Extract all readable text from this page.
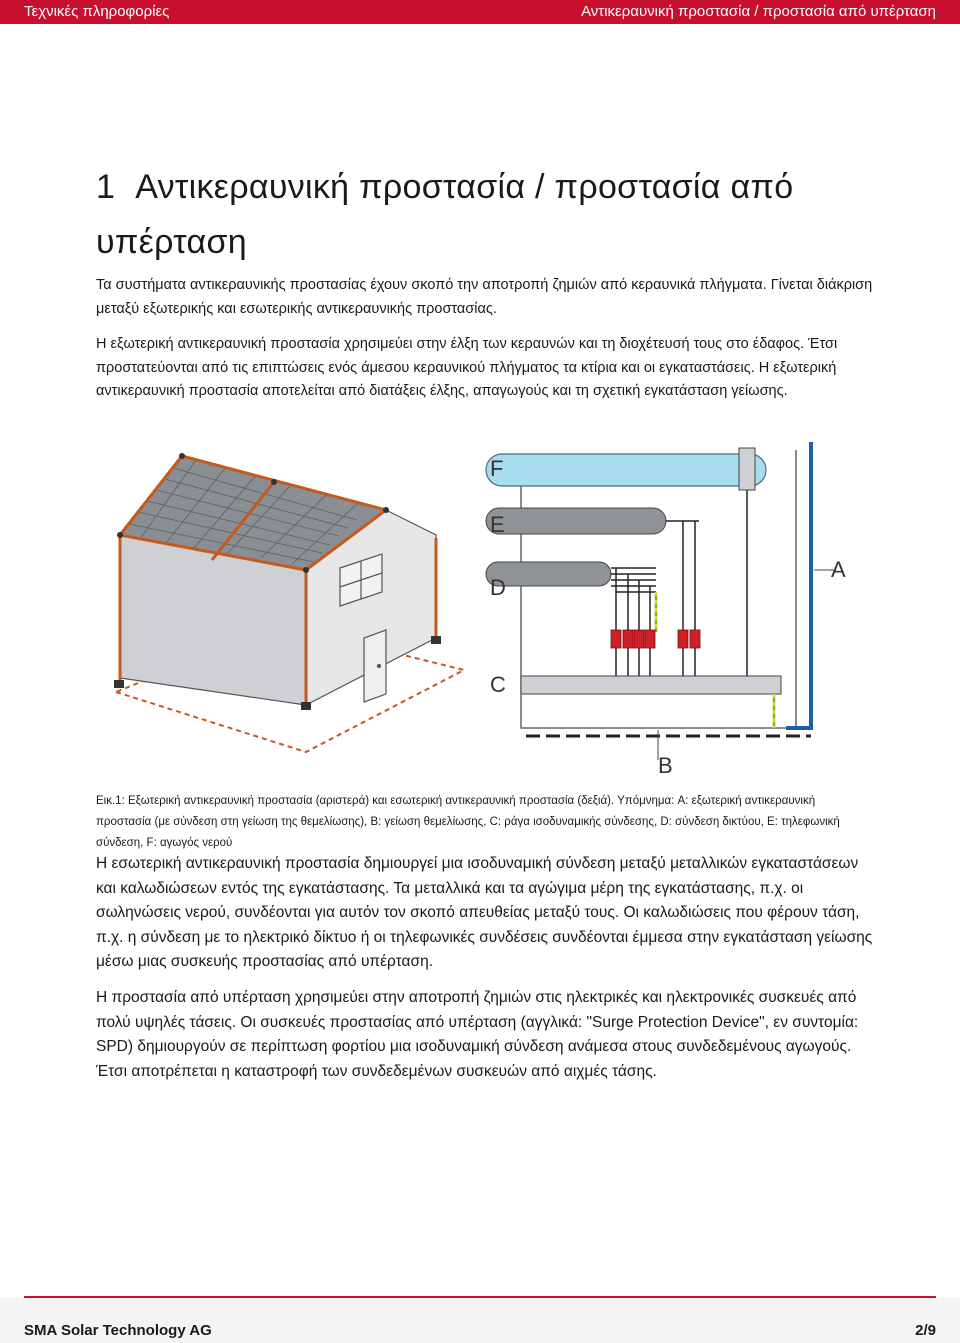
Τεχνικές πληροφορίες	Αντικεραυνική προστασία / προστασία από υπέρταση
1 Αντικεραυνική προστασία / προστασία από υπέρταση

Τα συστήματα αντικεραυνικής προστασίας έχουν σκοπό την αποτροπή ζημιών από κεραυνικά πλήγματα. Γίνεται διάκριση μεταξύ εξωτερικής και εσωτερικής αντικεραυνικής προστασίας.

Η εξωτερική αντικεραυνική προστασία χρησιμεύει στην έλξη των κεραυνών και τη διοχέτευσή τους στο έδαφος. Έτσι προστατεύονται από τις επιπτώσεις ενός άμεσου κεραυνικού πλήγματος τα κτίρια και οι εγκαταστάσεις. Η εξωτερική αντικεραυνική προστασία αποτελείται από διατάξεις έλξης, απαγωγούς και τη σχετική εγκατάσταση γείωσης.

F
E
D
C
A
B

Εικ.1: Εξωτερική αντικεραυνική προστασία (αριστερά) και εσωτερική αντικεραυνική προστασία (δεξιά). Υπόμνημα: A: εξωτερική αντικεραυνική προστασία (με σύνδεση στη γείωση της θεμελίωσης), B: γείωση θεμελίωσης, C: ράγα ισοδυναμικής σύνδεσης, D: σύνδεση δικτύου, E: τηλεφωνική σύνδεση, F: αγωγός νερού

Η εσωτερική αντικεραυνική προστασία δημιουργεί μια ισοδυναμική σύνδεση μεταξύ μεταλλικών εγκαταστάσεων και καλωδιώσεων εντός της εγκατάστασης. Τα μεταλλικά και τα αγώγιμα μέρη της εγκατάστασης, π.χ. οι σωληνώσεις νερού, συνδέονται για αυτόν τον σκοπό απευθείας μεταξύ τους. Οι καλωδιώσεις που φέρουν τάση, π.χ. η σύνδεση με το ηλεκτρικό δίκτυο ή οι τηλεφωνικές συνδέσεις συνδέονται έμμεσα στην εγκατάσταση γείωσης μέσω μιας συσκευής προστασίας από υπέρταση.

Η προστασία από υπέρταση χρησιμεύει στην αποτροπή ζημιών στις ηλεκτρικές και ηλεκτρονικές συσκευές από πολύ υψηλές τάσεις. Οι συσκευές προστασίας από υπέρταση (αγγλικά: "Surge Protection Device", εν συντομία: SPD) δημιουργούν σε περίπτωση φορτίου μια ισοδυναμική σύνδεση ανάμεσα στους συνδεδεμένους αγωγούς. Έτσι αποτρέπεται η καταστροφή των συνδεδεμένων συσκευών από αιχμές τάσης.

SMA Solar Technology AG	2/9
